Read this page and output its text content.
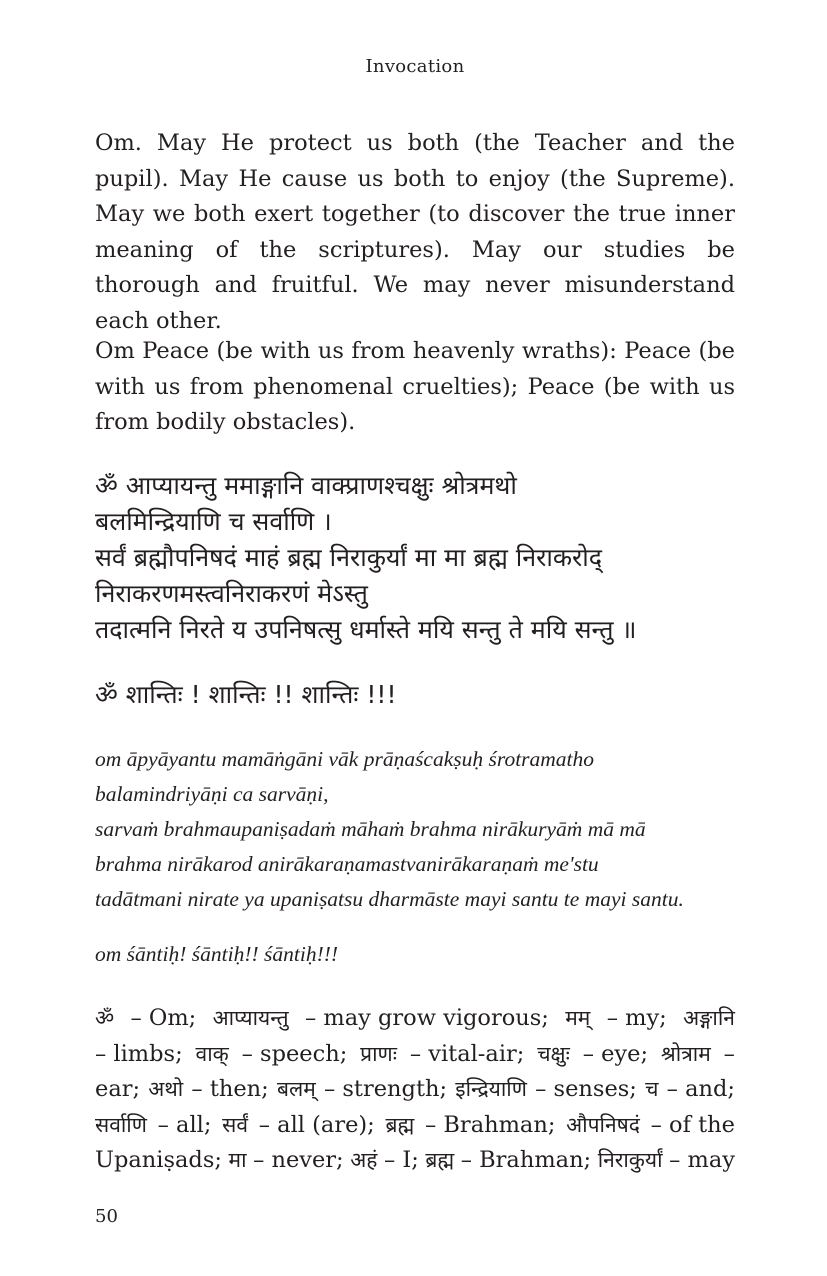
Invocation

Om. May He protect us both (the Teacher and the pupil). May He cause us both to enjoy (the Supreme). May we both exert together (to discover the true inner meaning of the scriptures). May our studies be thorough and fruitful. We may never misunderstand each other.

Om Peace (be with us from heavenly wraths): Peace (be with us from phenomenal cruelties); Peace (be with us from bodily obstacles).

ॐ आप्यायन्तु ममाङ्गानि वाक्प्राणश्चक्षुः श्रोत्रमथो
बलमिन्द्रियाणि च सर्वाणि ।
सर्वं ब्रह्मौपनिषदं माहं ब्रह्म निराकुर्यां मा मा ब्रह्म निराकरोद्
निराकरणमस्त्वनिराकरणं मेऽस्तु
तदात्मनि निरते य उपनिषत्सु धर्मास्ते मयि सन्तु ते मयि सन्तु ॥
ॐ शान्तिः ! शान्तिः !! शान्तिः !!!
om āpyāyantu mamāṅgāni vāk prāṇaścakṣuḥ śrotramatho
balamindriyāṇi ca sarvāṇi,
sarvaṁ brahmaupaniṣadaṁ māhaṁ brahma nirākuryāṁ mā mā
brahma nirākarod anirākaraṇamastvanirākaraṇaṁ me'stu
tadātmani nirate ya upaniṣatsu dharmāste mayi santu te mayi santu.
om śāntiḥ! śāntiḥ!! śāntiḥ!!!
ॐ – Om; आप्यायन्तु – may grow vigorous; मम् – my; अङ्गानि
– limbs; वाक् – speech; प्राणः – vital-air; चक्षुः – eye; श्रोत्राम –
ear; अथो – then; बलम् – strength; इन्द्रियाणि – senses; च – and;
सर्वाणि – all; सर्वं – all (are); ब्रह्म – Brahman; औपनिषदं – of the
Upaniṣads; मा – never; अहं – I; ब्रह्म – Brahman; निराकुर्यां – may
50
